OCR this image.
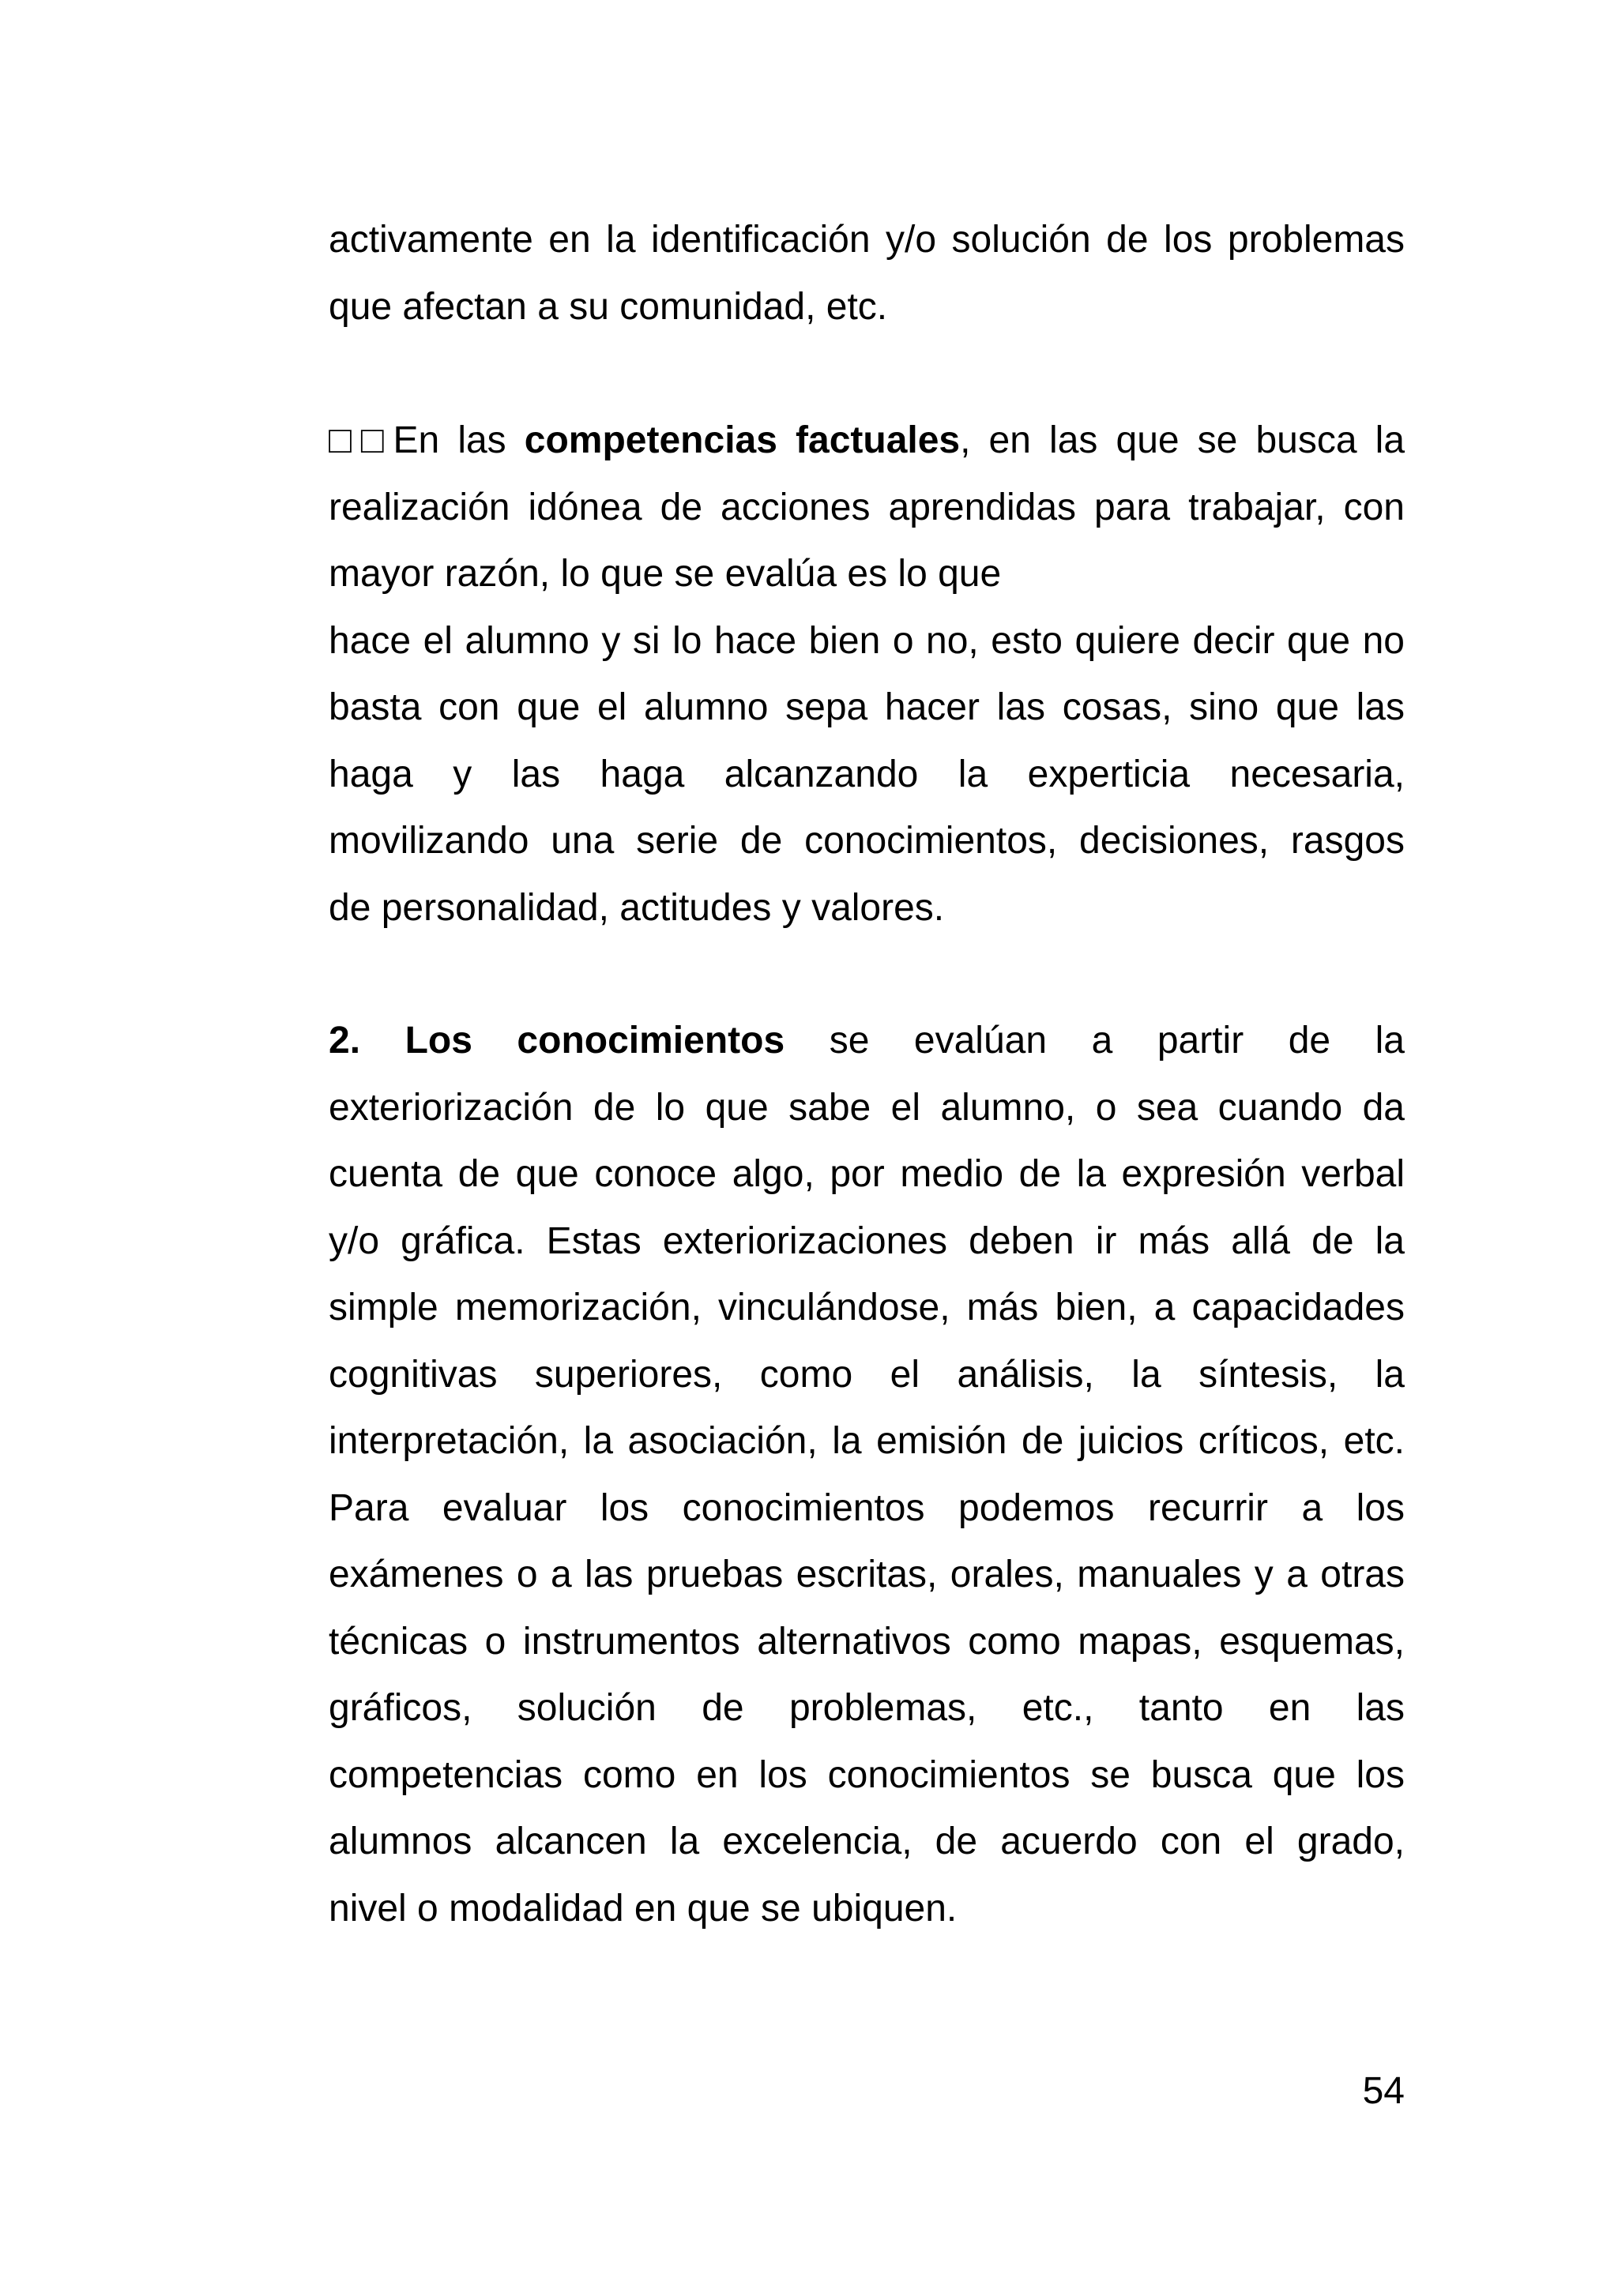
activamente en la identificación y/o solución de los problemas
que afectan a su comunidad, etc.
□□En las competencias factuales, en las que se busca la
realización idónea de acciones aprendidas para trabajar, con
mayor razón, lo que se evalúa es lo que
hace el alumno y si lo hace bien o no, esto quiere decir que no
basta con que el alumno sepa hacer las cosas, sino que las
haga y las haga alcanzando la experticia necesaria,
movilizando una serie de conocimientos, decisiones, rasgos
de personalidad, actitudes y valores.
2. Los conocimientos se evalúan a partir de la
exteriorización de lo que sabe el alumno, o sea cuando da
cuenta de que conoce algo, por medio de la expresión verbal
y/o gráfica. Estas exteriorizaciones deben ir más allá de la
simple memorización, vinculándose, más bien, a capacidades
cognitivas superiores, como el análisis, la síntesis, la
interpretación, la asociación, la emisión de juicios críticos, etc.
Para evaluar los conocimientos podemos recurrir a los
exámenes o a las pruebas escritas, orales, manuales y a otras
técnicas o instrumentos alternativos como mapas, esquemas,
gráficos, solución de problemas, etc., tanto en las
competencias como en los conocimientos se busca que los
alumnos alcancen la excelencia, de acuerdo con el grado,
nivel o modalidad en que se ubiquen.
54
